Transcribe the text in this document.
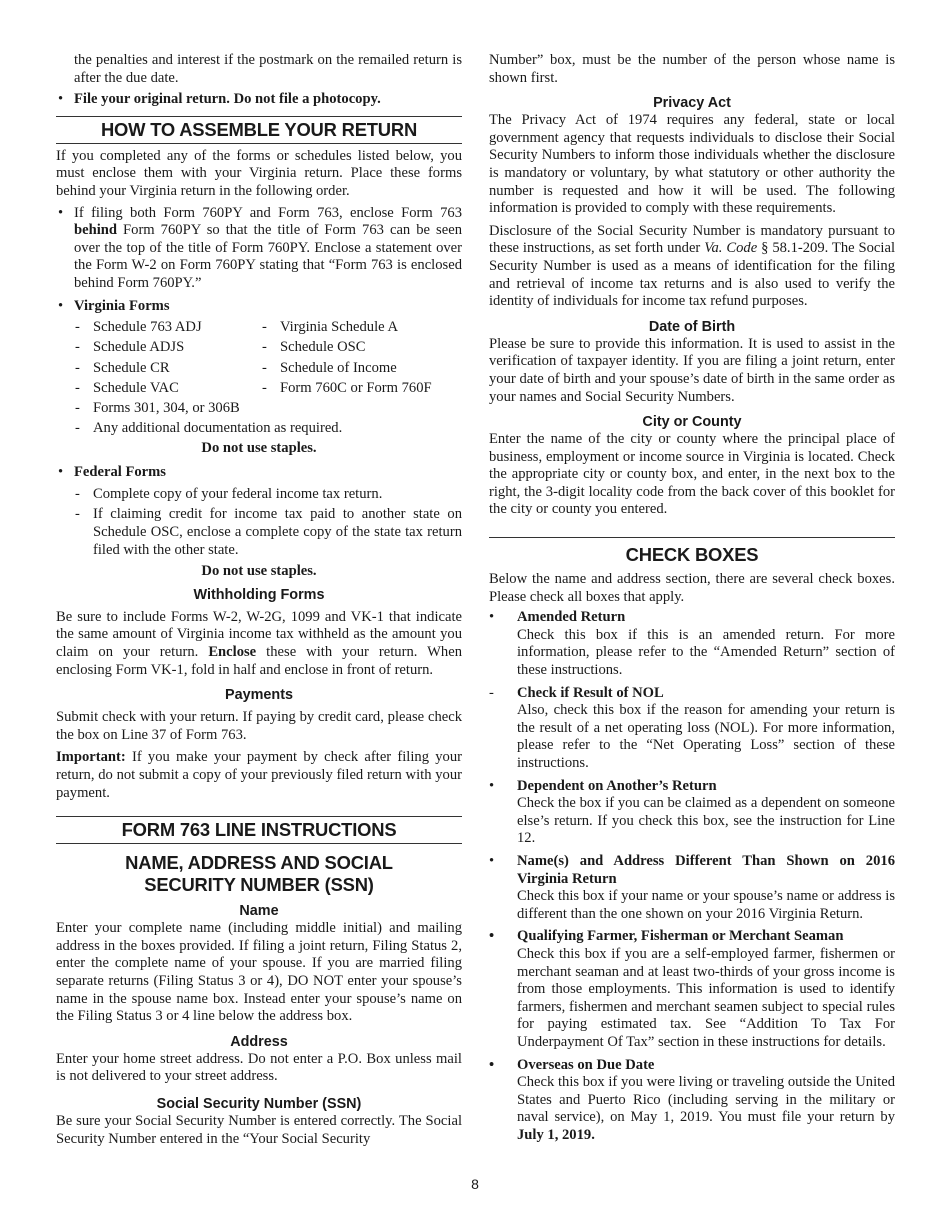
the penalties and interest if the postmark on the remailed return is after the due date.

• File your original return. Do not file a photocopy.
HOW TO ASSEMBLE YOUR RETURN

If you completed any of the forms or schedules listed below, you must enclose them with your Virginia return. Place these forms behind your Virginia return in the following order.

• If filing both Form 760PY and Form 763, enclose Form 763 behind Form 760PY so that the title of Form 763 can be seen over the top of the title of Form 760PY. Enclose a statement over the Form W-2 on Form 760PY stating that “Form 763 is enclosed behind Form 760PY.”

• Virginia Forms
- Schedule 763 ADJ	- Virginia Schedule A
- Schedule ADJS	- Schedule OSC
- Schedule CR	- Schedule of Income
- Schedule VAC	- Form 760C or Form 760F
- Forms 301, 304, or 306B
- Any additional documentation as required.
Do not use staples.
• Federal Forms
- Complete copy of your federal income tax return.

- If claiming credit for income tax paid to another state on Schedule OSC, enclose a complete copy of the state tax return filed with the other state.

Do not use staples.
Withholding Forms

Be sure to include Forms W-2, W-2G, 1099 and VK-1 that indicate the same amount of Virginia income tax withheld as the amount you claim on your return. Enclose these with your return. When enclosing Form VK-1, fold in half and enclose in front of return.

Payments

Submit check with your return. If paying by credit card, please check the box on Line 37 of Form 763.

Important: If you make your payment by check after filing your return, do not submit a copy of your previously filed return with your payment.

FORM 763 LINE INSTRUCTIONS
NAME, ADDRESS AND SOCIAL SECURITY NUMBER (SSN)
Name

Enter your complete name (including middle initial) and mailing address in the boxes provided. If filing a joint return, Filing Status 2, enter the complete name of your spouse. If you are married filing separate returns (Filing Status 3 or 4), DO NOT enter your spouse’s name in the spouse name box. Instead enter your spouse’s name on the Filing Status 3 or 4 line below the address box.

Address

Enter your home street address. Do not enter a P.O. Box unless mail is not delivered to your street address.

Social Security Number (SSN)

Be sure your Social Security Number is entered correctly. The Social Security Number entered in the “Your Social Security

Number” box, must be the number of the person whose name is shown first.

Privacy Act

The Privacy Act of 1974 requires any federal, state or local government agency that requests individuals to disclose their Social Security Numbers to inform those individuals whether the disclosure is mandatory or voluntary, by what statutory or other authority the number is requested and how it will be used. The following information is provided to comply with these requirements.

Disclosure of the Social Security Number is mandatory pursuant to these instructions, as set forth under Va. Code § 58.1-209. The Social Security Number is used as a means of identification for the filing and retrieval of income tax returns and is also used to verify the identity of individuals for income tax refund purposes.

Date of Birth

Please be sure to provide this information. It is used to assist in the verification of taxpayer identity. If you are filing a joint return, enter your date of birth and your spouse’s date of birth in the same order as your names and Social Security Numbers.

City or County

Enter the name of the city or county where the principal place of business, employment or income source in Virginia is located. Check the appropriate city or county box, and enter, in the next box to the right, the 3-digit locality code from the back cover of this booklet for the city or county you entered.

CHECK BOXES

Below the name and address section, there are several check boxes. Please check all boxes that apply.

• Amended Return

Check this box if this is an amended return. For more information, please refer to the “Amended Return” section of these instructions.

- Check if Result of NOL

Also, check this box if the reason for amending your return is the result of a net operating loss (NOL). For more information, please refer to the “Net Operating Loss” section of these instructions.

• Dependent on Another’s Return

Check the box if you can be claimed as a dependent on someone else’s return. If you check this box, see the instruction for Line 12.

• Name(s) and Address Different Than Shown on 2016 Virginia Return

Check this box if your name or your spouse’s name or address is different than the one shown on your 2016 Virginia Return.

• Qualifying Farmer, Fisherman or Merchant Seaman

Check this box if you are a self-employed farmer, fishermen or merchant seaman and at least two-thirds of your gross income is from those employments. This information is used to identify farmers, fishermen and merchant seamen subject to special rules for paying estimated tax. See “Addition To Tax For Underpayment Of Tax” section in these instructions for details.

• Overseas on Due Date

Check this box if you were living or traveling outside the United States and Puerto Rico (including serving in the military or naval service), on May 1, 2019. You must file your return by July 1, 2019.

8
